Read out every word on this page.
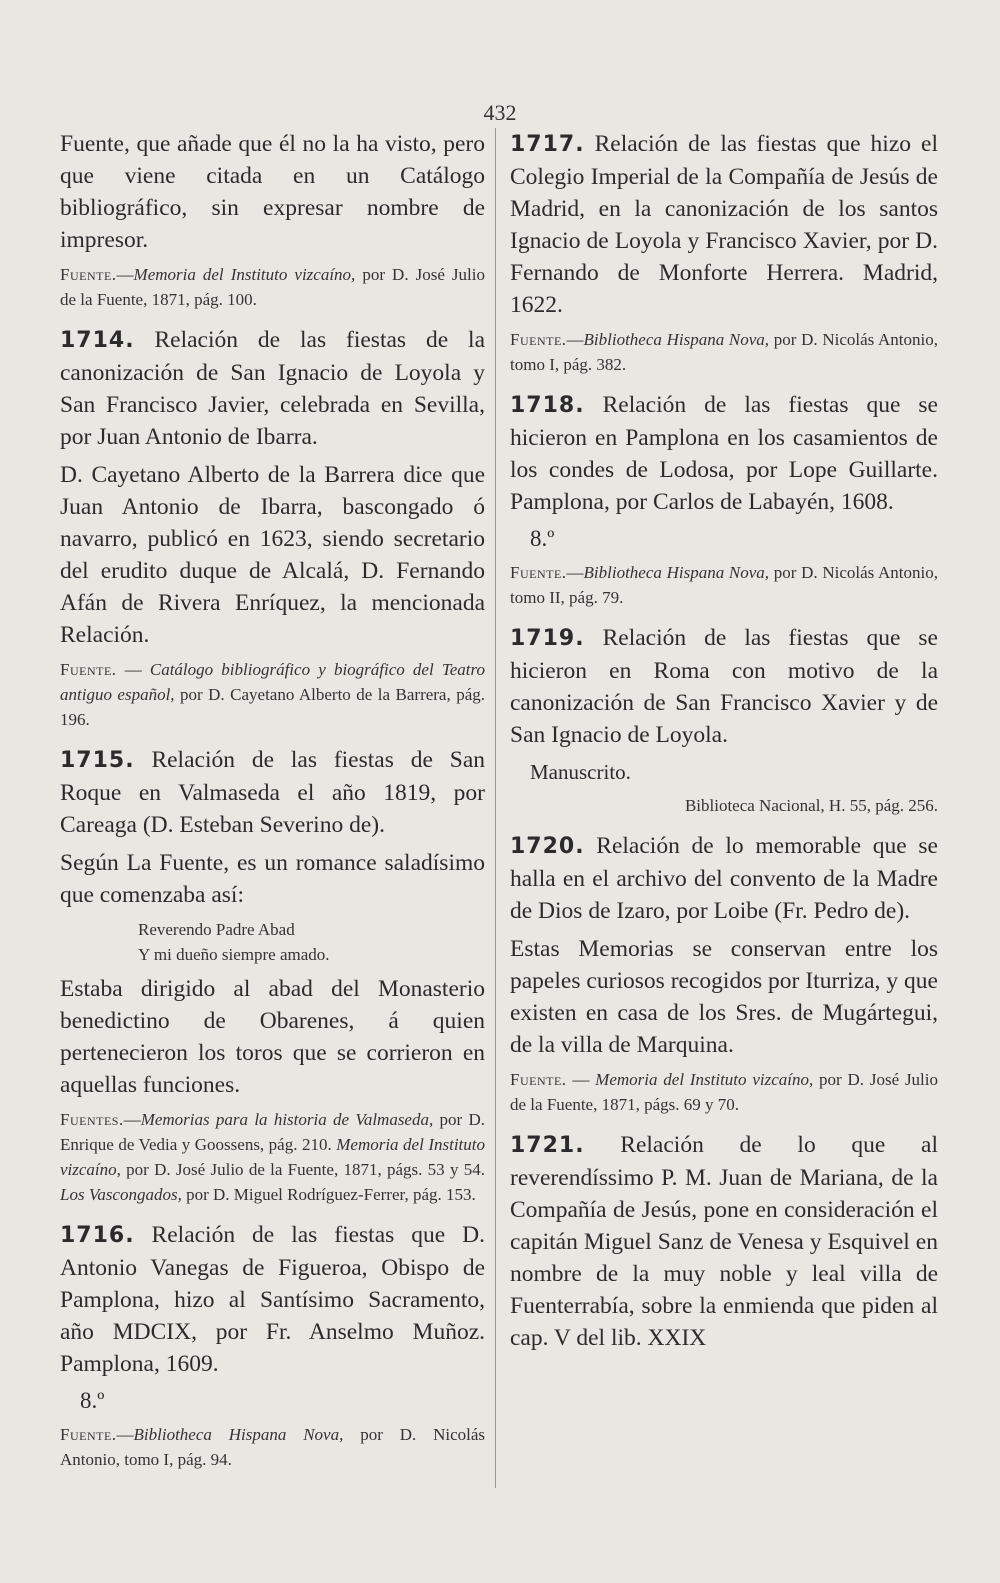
432

Fuente, que añade que él no la ha visto, pero que viene citada en un Catálogo bibliográfico, sin expresar nombre de impresor.

Fuente.—Memoria del Instituto vizcaíno, por D. José Julio de la Fuente, 1871, pág. 100.

1714. Relación de las fiestas de la canonización de San Ignacio de Loyola y San Francisco Javier, celebrada en Sevilla, por Juan Antonio de Ibarra.

D. Cayetano Alberto de la Barrera dice que Juan Antonio de Ibarra, bascongado ó navarro, publicó en 1623, siendo secretario del erudito duque de Alcalá, D. Fernando Afán de Rivera Enríquez, la mencionada Relación.

Fuente. — Catálogo bibliográfico y biográfico del Teatro antiguo español, por D. Cayetano Alberto de la Barrera, pág. 196.

1715. Relación de las fiestas de San Roque en Valmaseda el año 1819, por Careaga (D. Esteban Severino de).

Según La Fuente, es un romance saladísimo que comenzaba así:

Reverendo Padre Abad

Y mi dueño siempre amado.

Estaba dirigido al abad del Monasterio benedictino de Obarenes, á quien pertenecieron los toros que se corrieron en aquellas funciones.

Fuentes.—Memorias para la historia de Valmaseda, por D. Enrique de Vedia y Goossens, pág. 210. Memoria del Instituto vizcaíno, por D. José Julio de la Fuente, 1871, págs. 53 y 54. Los Vascongados, por D. Miguel Rodríguez-Ferrer, pág. 153.

1716. Relación de las fiestas que D. Antonio Vanegas de Figueroa, Obispo de Pamplona, hizo al Santísimo Sacramento, año MDCIX, por Fr. Anselmo Muñoz. Pamplona, 1609.

8.º

Fuente.—Bibliotheca Hispana Nova, por D. Nicolás Antonio, tomo I, pág. 94.

1717. Relación de las fiestas que hizo el Colegio Imperial de la Compañía de Jesús de Madrid, en la canonización de los santos Ignacio de Loyola y Francisco Xavier, por D. Fernando de Monforte Herrera. Madrid, 1622.

Fuente.—Bibliotheca Hispana Nova, por D. Nicolás Antonio, tomo I, pág. 382.

1718. Relación de las fiestas que se hicieron en Pamplona en los casamientos de los condes de Lodosa, por Lope Guillarte. Pamplona, por Carlos de Labayén, 1608.

8.º

Fuente.—Bibliotheca Hispana Nova, por D. Nicolás Antonio, tomo II, pág. 79.

1719. Relación de las fiestas que se hicieron en Roma con motivo de la canonización de San Francisco Xavier y de San Ignacio de Loyola.

Manuscrito.

Biblioteca Nacional, H. 55, pág. 256.

1720. Relación de lo memorable que se halla en el archivo del convento de la Madre de Dios de Izaro, por Loibe (Fr. Pedro de).

Estas Memorias se conservan entre los papeles curiosos recogidos por Iturriza, y que existen en casa de los Sres. de Mugártegui, de la villa de Marquina.

Fuente. — Memoria del Instituto vizcaíno, por D. José Julio de la Fuente, 1871, págs. 69 y 70.

1721. Relación de lo que al reverendíssimo P. M. Juan de Mariana, de la Compañía de Jesús, pone en consideración el capitán Miguel Sanz de Venesa y Esquivel en nombre de la muy noble y leal villa de Fuenterrabía, sobre la enmienda que piden al cap. V del lib. XXIX
